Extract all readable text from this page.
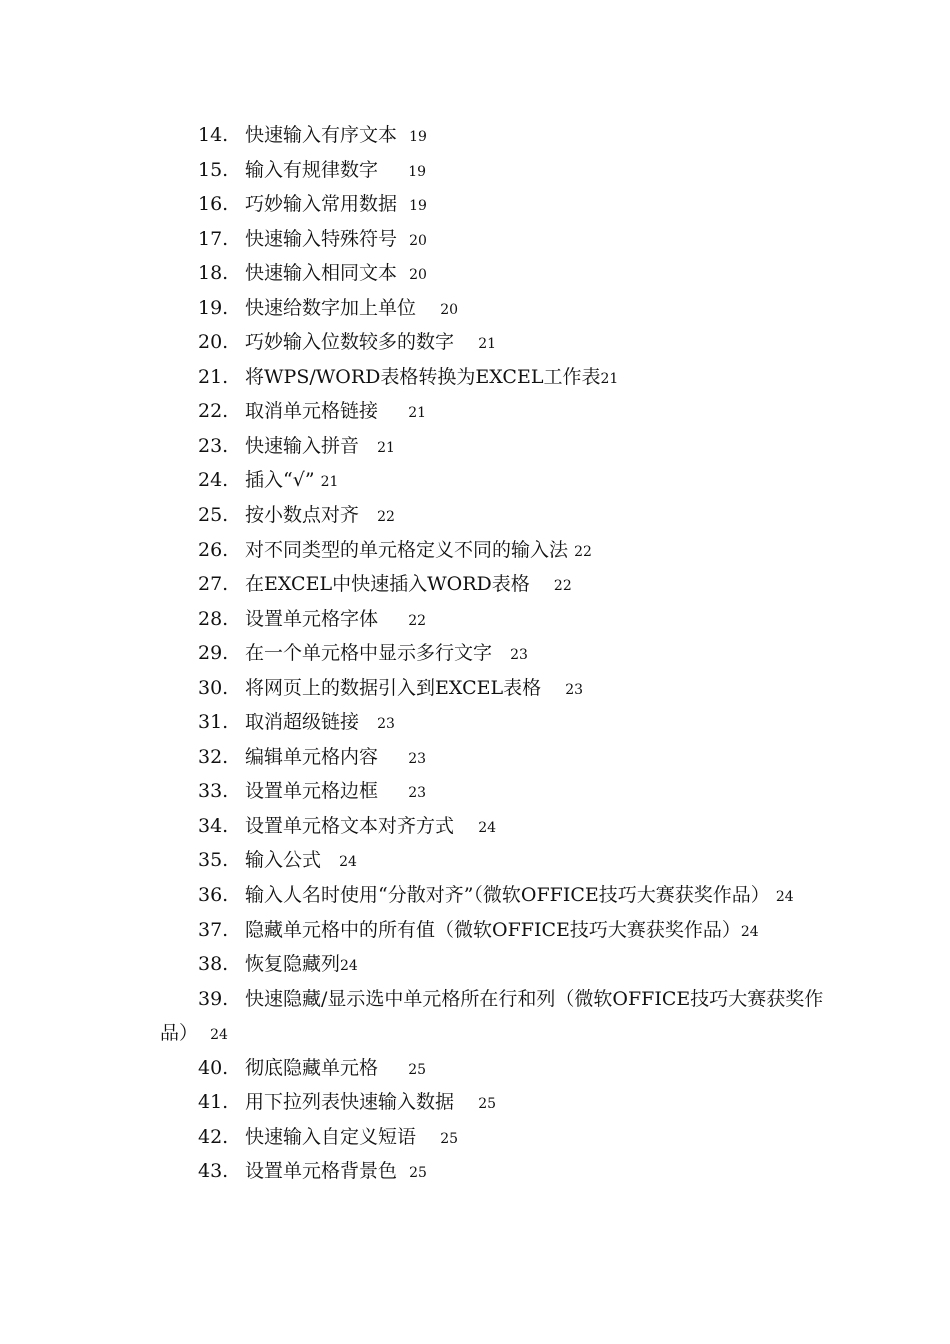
14. 快速输入有序文本 19
15. 输入有规律数字 19
16. 巧妙输入常用数据 19
17. 快速输入特殊符号 20
18. 快速输入相同文本 20
19. 快速给数字加上单位 20
20. 巧妙输入位数较多的数字 21
21. 将WPS/WORD表格转换为EXCEL工作表21
22. 取消单元格链接 21
23. 快速输入拼音 21
24. 插入“√” 21
25. 按小数点对齐 22
26. 对不同类型的单元格定义不同的输入法 22
27. 在EXCEL中快速插入WORD表格 22
28. 设置单元格字体 22
29. 在一个单元格中显示多行文字 23
30. 将网页上的数据引入到EXCEL表格 23
31. 取消超级链接 23
32. 编辑单元格内容 23
33. 设置单元格边框 23
34. 设置单元格文本对齐方式 24
35. 输入公式 24
36. 输入人名时使用“分散对齐”（微软OFFICE技巧大赛获奖作品） 24
37. 隐藏单元格中的所有值（微软OFFICE技巧大赛获奖作品）24
38. 恢复隐藏列24
39. 快速隐藏/显示选中单元格所在行和列（微软OFFICE技巧大赛获奖作
品） 24
40. 彻底隐藏单元格 25
41. 用下拉列表快速输入数据 25
42. 快速输入自定义短语 25
43. 设置单元格背景色 25
